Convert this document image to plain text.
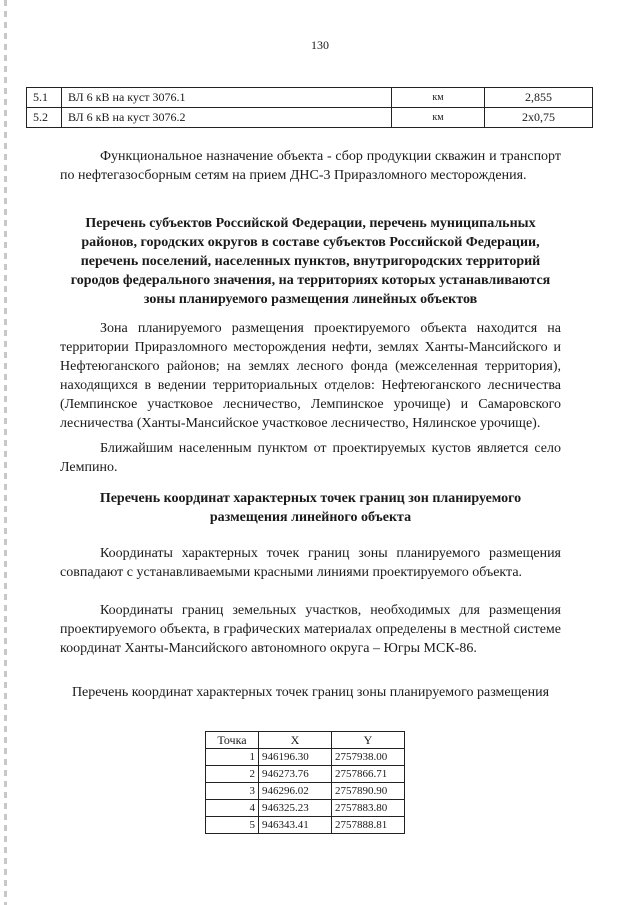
130
5.1	ВЛ 6 кВ на куст 3076.1	км	2,855
5.2	ВЛ 6 кВ на куст 3076.2	км	2x0,75

Функциональное назначение объекта - сбор продукции скважин и транспорт по нефтегазосборным сетям на прием ДНС-3 Приразломного месторождения.

Перечень субъектов Российской Федерации, перечень муниципальных районов, городских округов в составе субъектов Российской Федерации, перечень поселений, населенных пунктов, внутригородских территорий городов федерального значения, на территориях которых устанавливаются зоны планируемого размещения линейных объектов

Зона планируемого размещения проектируемого объекта находится на территории Приразломного месторождения нефти, землях Ханты-Мансийского и Нефтеюганского районов; на землях лесного фонда (межселенная территория), находящихся в ведении территориальных отделов: Нефтеюганского лесничества (Лемпинское участковое лесничество, Лемпинское урочище) и Самаровского лесничества (Ханты-Мансийское участковое лесничество, Нялинское урочище).

Ближайшим населенным пунктом от проектируемых кустов является село Лемпино.

Перечень координат характерных точек границ зон планируемого размещения линейного объекта

Координаты характерных точек границ зоны планируемого размещения совпадают с устанавливаемыми красными линиями проектируемого объекта.

Координаты границ земельных участков, необходимых для размещения проектируемого объекта, в графических материалах определены в местной системе координат Ханты-Мансийского автономного округа – Югры МСК-86.

Перечень координат характерных точек границ зоны планируемого размещения

Точка	X	Y
1	946196.30	2757938.00
2	946273.76	2757866.71
3	946296.02	2757890.90
4	946325.23	2757883.80
5	946343.41	2757888.81
